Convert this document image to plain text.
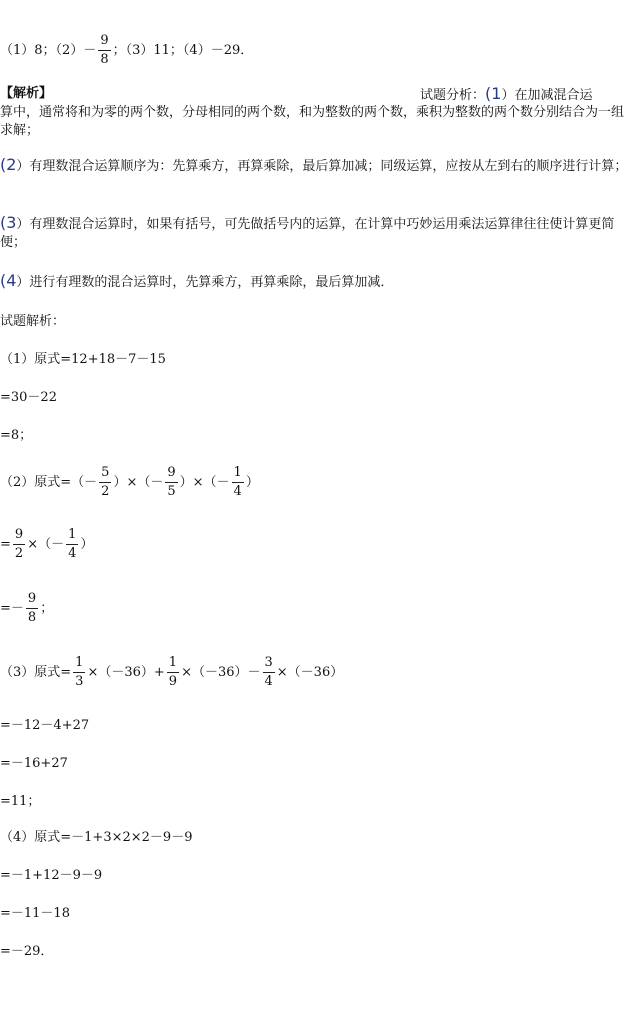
（1）8；$(2)- \frac{9}{8}$ ；（3）11；（4）－29．
【解析】	试题分析：(1）在加减混合运
算中，通常将和为零的两个数，分母相同的两个数，和为整数的两个数，乘积为整数的两个数分别结合为一组求解；
(2）有理数混合运算顺序为：先算乘方，再算乘除，最后算加减；同级运算，应按从左到右的顺序进行计算；
(3）有理数混合运算时，如果有括号，可先做括号内的运算，在计算中巧妙运用乘法运算律往往使计算更简便；
(4）进行有理数的混合运算时，先算乘方，再算乘除，最后算加减．
试题解析：
（1）原式=12+18－7－15
=30－22
=8；
（2）原式=（－ $\frac{5}{2}$ ）×（－ $\frac{9}{5}$ ）×（－ $\frac{1}{4}$ ）
= $\frac{9}{2}$ ×（－ $\frac{1}{4}$ ）
=－ $\frac{9}{8}$ ；
（3）原式= $\frac{1}{3} \times(-36)+ \frac{1}{9} \times(-36)- \frac{3}{4} \times(-36)$
=－12－4+27
=－16+27
=11；
（4）原式=－1+3×2×2－9－9
=－1+12－9－9
=－11－18
=－29．
